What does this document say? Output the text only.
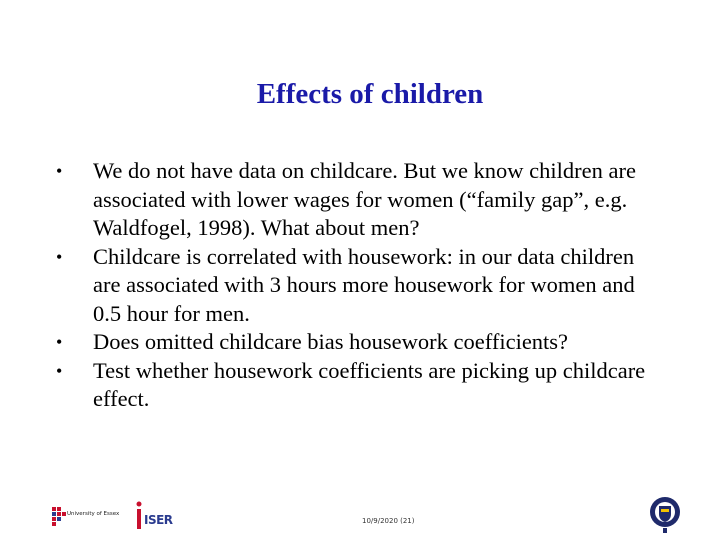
Effects of children
• We do not have data on childcare. But we know children are associated with lower wages for women (“family gap”, e.g. Waldfogel, 1998). What about men?
• Childcare is correlated with housework: in our data children are associated with 3 hours more housework for women and 0.5 hour for men.
• Does omitted childcare bias housework coefficients?
• Test whether housework coefficients are picking up childcare effect.
University of Essex ISER	10/9/2020 (21)
